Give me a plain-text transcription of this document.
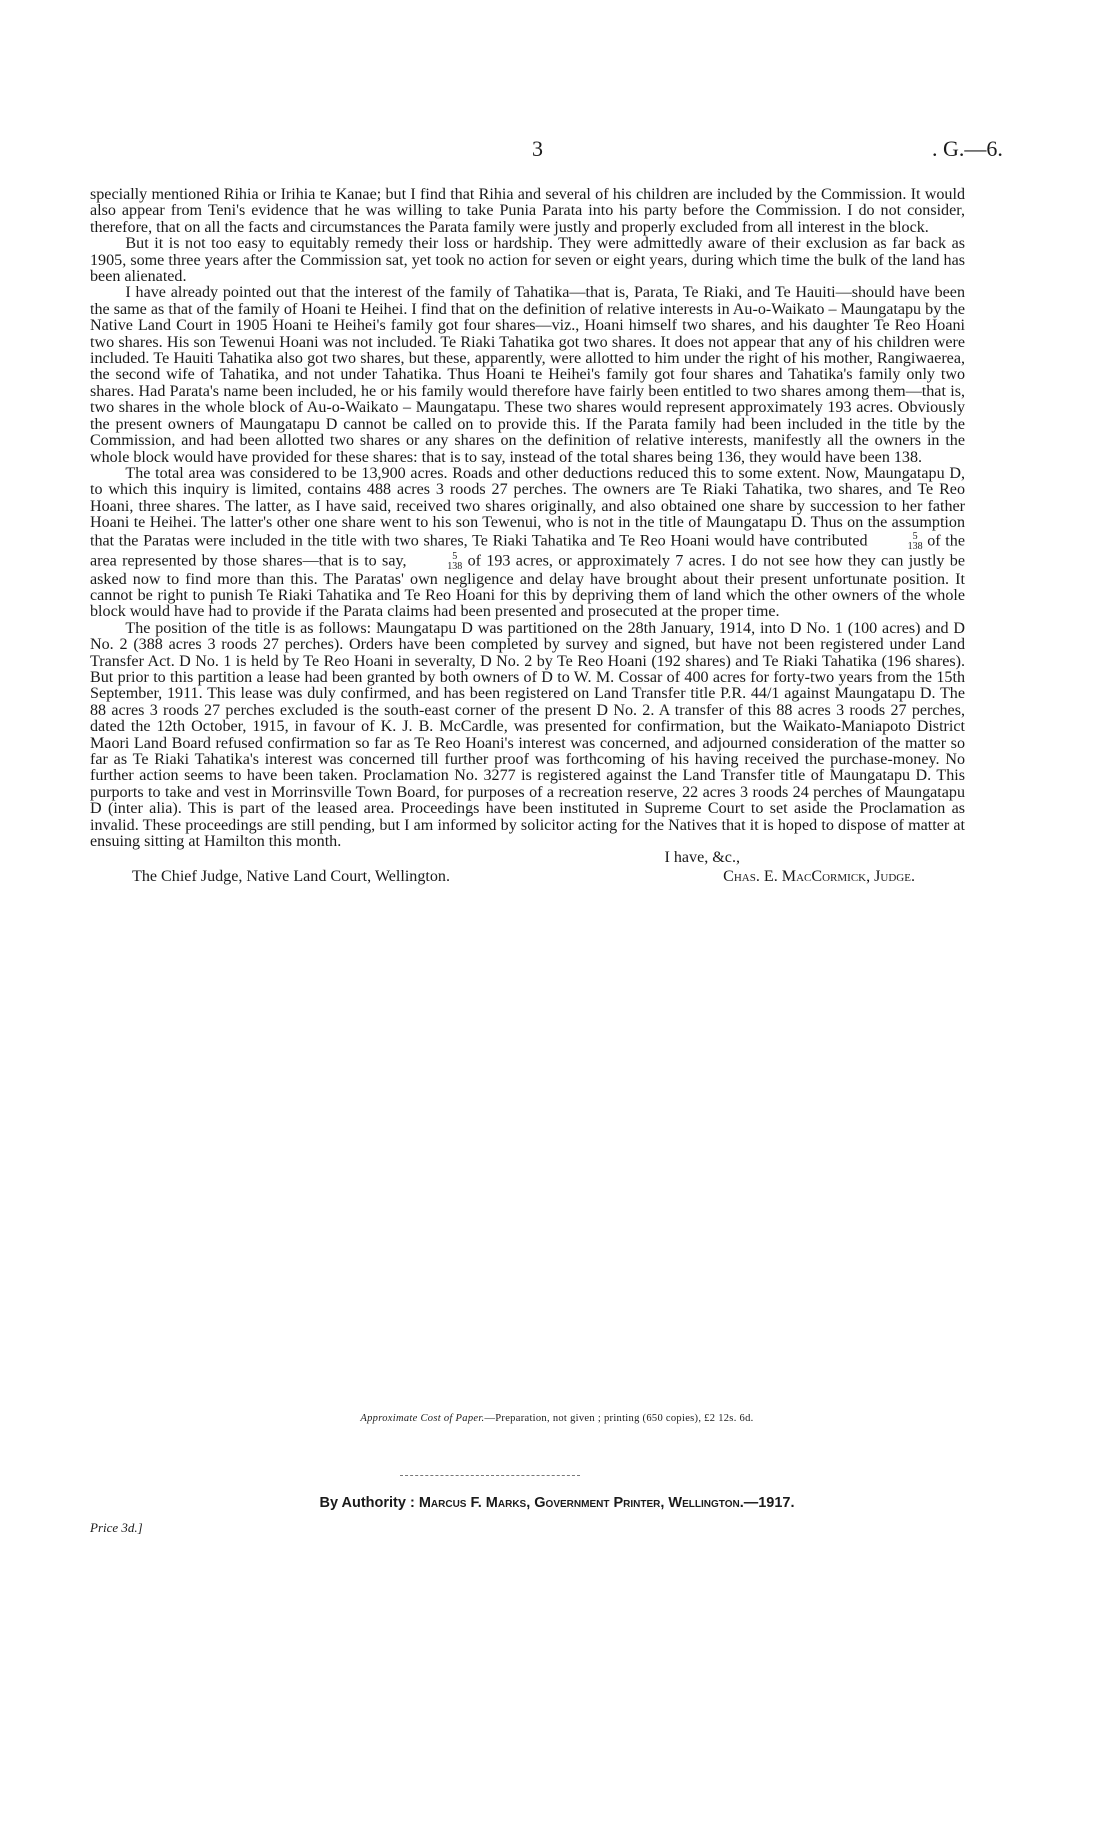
3	. G.—6.

specially mentioned Rihia or Irihia te Kanae; but I find that Rihia and several of his children are included by the Commission. It would also appear from Teni's evidence that he was willing to take Punia Parata into his party before the Commission. I do not consider, therefore, that on all the facts and circumstances the Parata family were justly and properly excluded from all interest in the block.

But it is not too easy to equitably remedy their loss or hardship. They were admittedly aware of their exclusion as far back as 1905, some three years after the Commission sat, yet took no action for seven or eight years, during which time the bulk of the land has been alienated.

I have already pointed out that the interest of the family of Tahatika—that is, Parata, Te Riaki, and Te Hauiti—should have been the same as that of the family of Hoani te Heihei. I find that on the definition of relative interests in Au-o-Waikato – Maungatapu by the Native Land Court in 1905 Hoani te Heihei's family got four shares—viz., Hoani himself two shares, and his daughter Te Reo Hoani two shares. His son Tewenui Hoani was not included. Te Riaki Tahatika got two shares. It does not appear that any of his children were included. Te Hauiti Tahatika also got two shares, but these, apparently, were allotted to him under the right of his mother, Rangiwaerea, the second wife of Tahatika, and not under Tahatika. Thus Hoani te Heihei's family got four shares and Tahatika's family only two shares. Had Parata's name been included, he or his family would therefore have fairly been entitled to two shares among them—that is, two shares in the whole block of Au-o-Waikato – Maungatapu. These two shares would represent approximately 193 acres. Obviously the present owners of Maungatapu D cannot be called on to provide this. If the Parata family had been included in the title by the Commission, and had been allotted two shares or any shares on the definition of relative interests, manifestly all the owners in the whole block would have provided for these shares: that is to say, instead of the total shares being 136, they would have been 138.

The total area was considered to be 13,900 acres. Roads and other deductions reduced this to some extent. Now, Maungatapu D, to which this inquiry is limited, contains 488 acres 3 roods 27 perches. The owners are Te Riaki Tahatika, two shares, and Te Reo Hoani, three shares. The latter, as I have said, received two shares originally, and also obtained one share by succession to her father Hoani te Heihei. The latter's other one share went to his son Tewenui, who is not in the title of Maungatapu D. Thus on the assumption that the Paratas were included in the title with two shares, Te Riaki Tahatika and Te Reo Hoani would have contributed	5
138 of the area represented by those shares—that is to say,	5
138 of 193 acres, or approximately 7 acres. I do not see how they can justly be asked now to find more than this. The Paratas' own negligence and delay have brought about their present unfortunate position. It cannot be right to punish Te Riaki Tahatika and Te Reo Hoani for this by depriving them of land which the other owners of the whole block would have had to provide if the Parata claims had been presented and prosecuted at the proper time.

The position of the title is as follows: Maungatapu D was partitioned on the 28th January, 1914, into D No. 1 (100 acres) and D No. 2 (388 acres 3 roods 27 perches). Orders have been completed by survey and signed, but have not been registered under Land Transfer Act. D No. 1 is held by Te Reo Hoani in severalty, D No. 2 by Te Reo Hoani (192 shares) and Te Riaki Tahatika (196 shares). But prior to this partition a lease had been granted by both owners of D to W. M. Cossar of 400 acres for forty-two years from the 15th September, 1911. This lease was duly confirmed, and has been registered on Land Transfer title P.R. 44/1 against Maungatapu D. The 88 acres 3 roods 27 perches excluded is the south-east corner of the present D No. 2. A transfer of this 88 acres 3 roods 27 perches, dated the 12th October, 1915, in favour of K. J. B. McCardle, was presented for confirmation, but the Waikato-Maniapoto District Maori Land Board refused confirmation so far as Te Reo Hoani's interest was concerned, and adjourned consideration of the matter so far as Te Riaki Tahatika's interest was concerned till further proof was forthcoming of his having received the purchase-money. No further action seems to have been taken. Proclamation No. 3277 is registered against the Land Transfer title of Maungatapu D. This purports to take and vest in Morrinsville Town Board, for purposes of a recreation reserve, 22 acres 3 roods 24 perches of Maungatapu D (inter alia). This is part of the leased area. Proceedings have been instituted in Supreme Court to set aside the Proclamation as invalid. These proceedings are still pending, but I am informed by solicitor acting for the Natives that it is hoped to dispose of matter at ensuing sitting at Hamilton this month.

I have, &c.,

The Chief Judge, Native Land Court, Wellington.	Chas. E. MacCormick, Judge.
Approximate Cost of Paper.—Preparation, not given ; printing (650 copies), £2 12s. 6d.
By Authority : Marcus F. Marks, Government Printer, Wellington.—1917.
Price 3d.]
